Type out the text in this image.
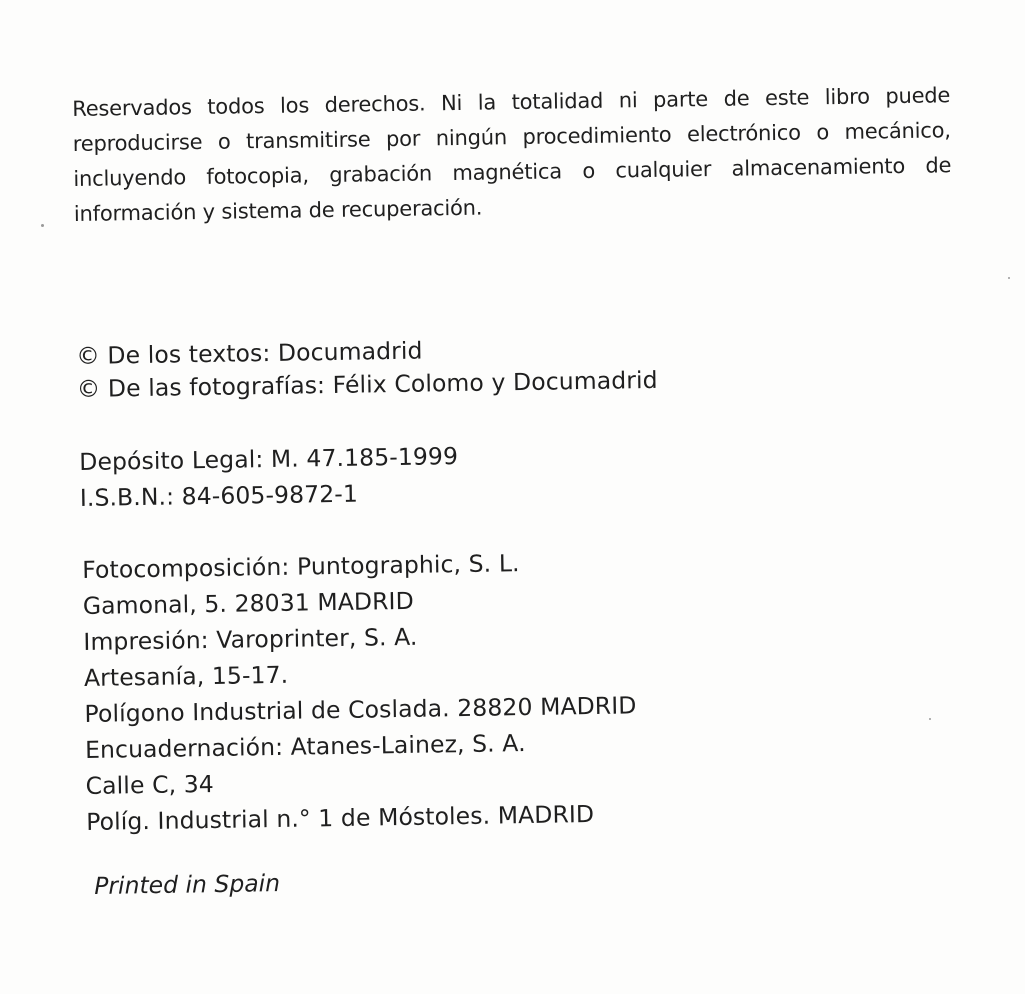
Reservados todos los derechos. Ni la totalidad ni parte de este libro puede reproducirse o transmitirse por ningún procedimiento electrónico o mecánico, incluyendo fotocopia, grabación magnética o cualquier almacenamiento de información y sistema de recuperación.

© De los textos: Documadrid
© De las fotografías: Félix Colomo y Documadrid
Depósito Legal: M. 47.185-1999
I.S.B.N.: 84-605-9872-1
Fotocomposición: Puntographic, S. L.
Gamonal, 5. 28031 MADRID
Impresión: Varoprinter, S. A.
Artesanía, 15-17.
Polígono Industrial de Coslada. 28820 MADRID
Encuadernación: Atanes-Lainez, S. A.
Calle C, 34
Políg. Industrial n.° 1 de Móstoles. MADRID
Printed in Spain
